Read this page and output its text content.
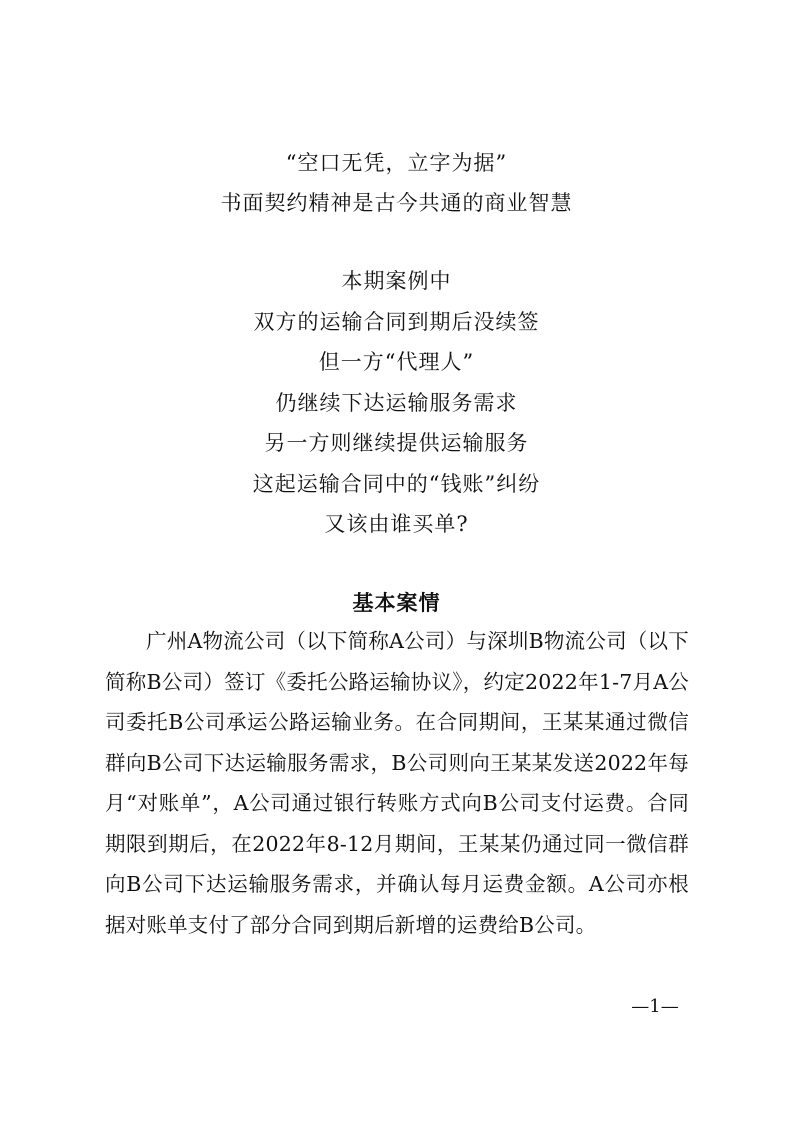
“空口无凭，立字为据”
书面契约精神是古今共通的商业智慧
本期案例中
双方的运输合同到期后没续签
但一方“代理人”
仍继续下达运输服务需求
另一方则继续提供运输服务
这起运输合同中的“钱账”纠纷
又该由谁买单?
基本案情

广州A物流公司（以下简称A公司）与深圳B物流公司（以下简称B公司）签订《委托公路运输协议》，约定2022年1-7月A公司委托B公司承运公路运输业务。在合同期间，王某某通过微信群向B公司下达运输服务需求，B公司则向王某某发送2022年每月“对账单”，A公司通过银行转账方式向B公司支付运费。合同期限到期后，在2022年8-12月期间，王某某仍通过同一微信群向B公司下达运输服务需求，并确认每月运费金额。A公司亦根据对账单支付了部分合同到期后新增的运费给B公司。

—1—
